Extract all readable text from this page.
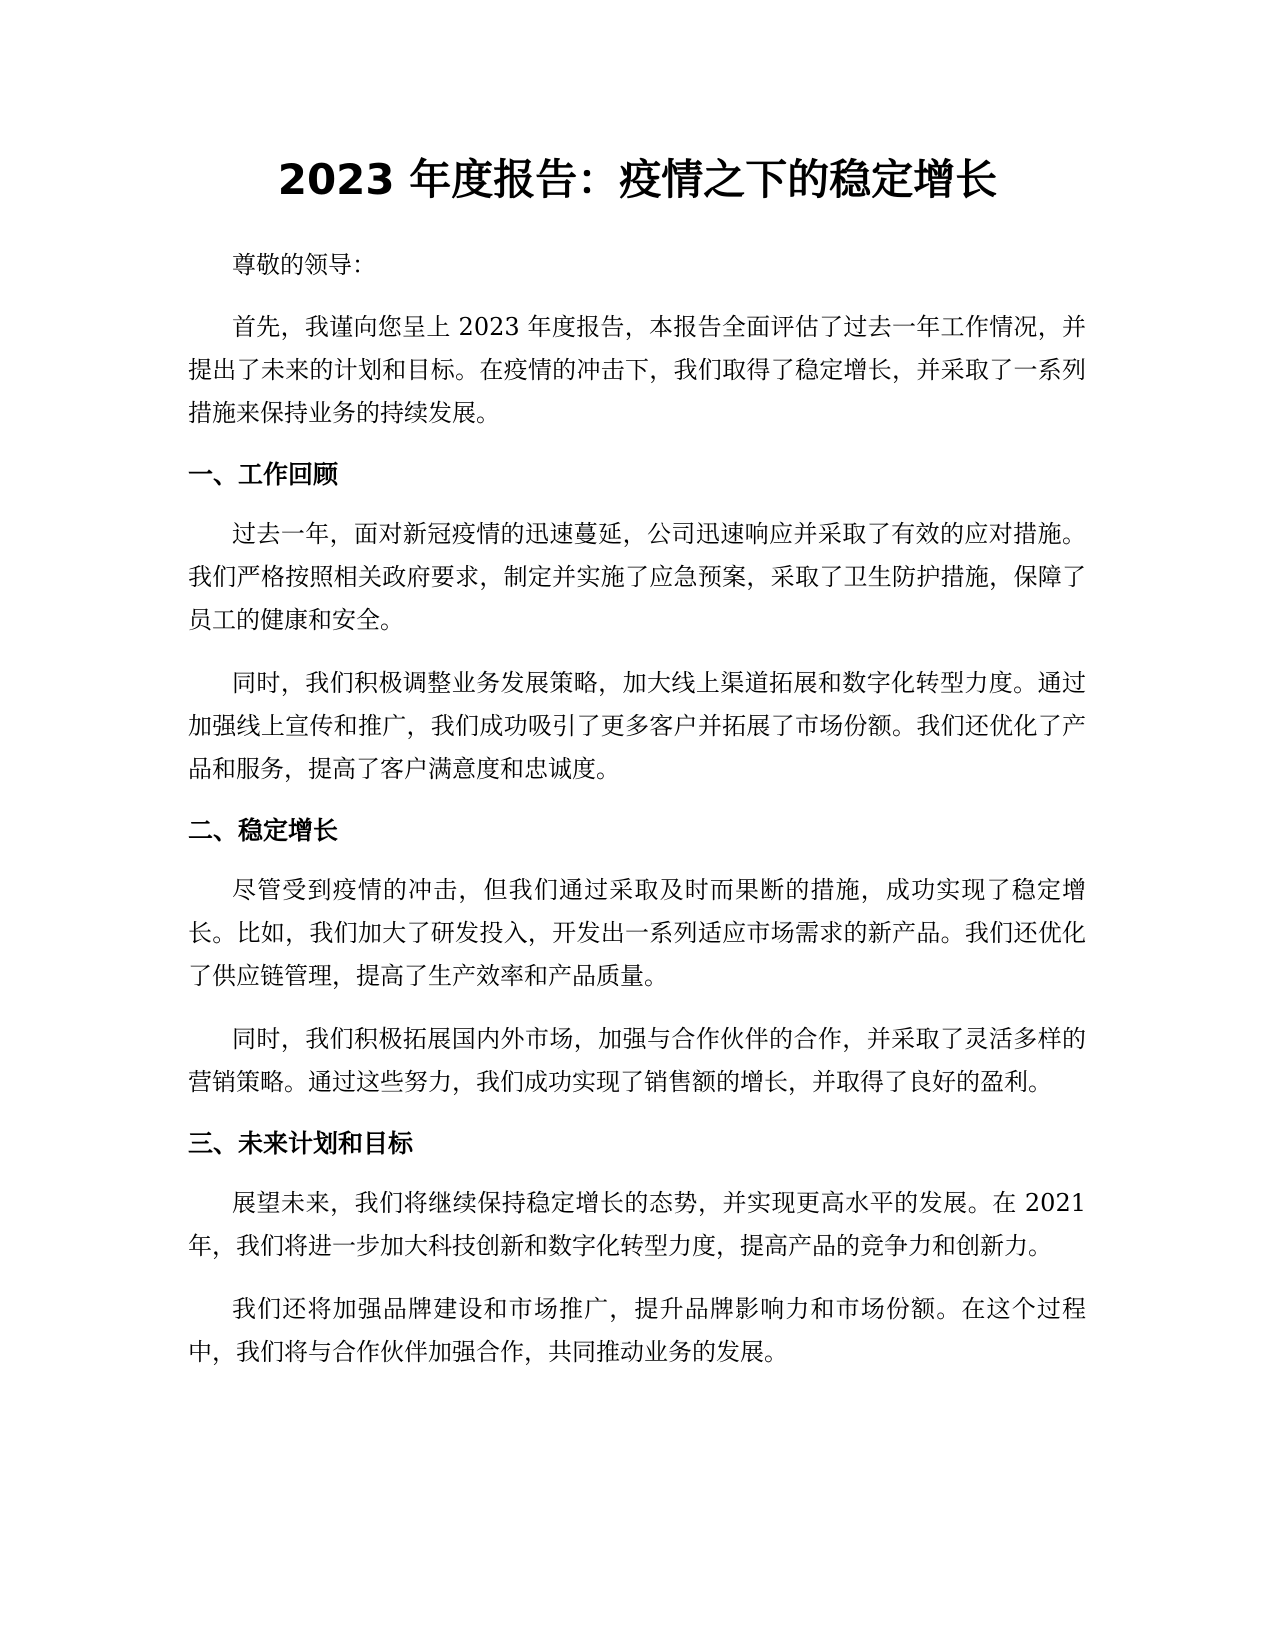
2023 年度报告：疫情之下的稳定增长

尊敬的领导：

首先，我谨向您呈上 2023 年度报告，本报告全面评估了过去一年工作情况，并提出了未来的计划和目标。在疫情的冲击下，我们取得了稳定增长，并采取了一系列措施来保持业务的持续发展。

一、工作回顾

过去一年，面对新冠疫情的迅速蔓延，公司迅速响应并采取了有效的应对措施。我们严格按照相关政府要求，制定并实施了应急预案，采取了卫生防护措施，保障了员工的健康和安全。

同时，我们积极调整业务发展策略，加大线上渠道拓展和数字化转型力度。通过加强线上宣传和推广，我们成功吸引了更多客户并拓展了市场份额。我们还优化了产品和服务，提高了客户满意度和忠诚度。

二、稳定增长

尽管受到疫情的冲击，但我们通过采取及时而果断的措施，成功实现了稳定增长。比如，我们加大了研发投入，开发出一系列适应市场需求的新产品。我们还优化了供应链管理，提高了生产效率和产品质量。

同时，我们积极拓展国内外市场，加强与合作伙伴的合作，并采取了灵活多样的营销策略。通过这些努力，我们成功实现了销售额的增长，并取得了良好的盈利。

三、未来计划和目标

展望未来，我们将继续保持稳定增长的态势，并实现更高水平的发展。在 2021 年，我们将进一步加大科技创新和数字化转型力度，提高产品的竞争力和创新力。

我们还将加强品牌建设和市场推广，提升品牌影响力和市场份额。在这个过程中，我们将与合作伙伴加强合作，共同推动业务的发展。
